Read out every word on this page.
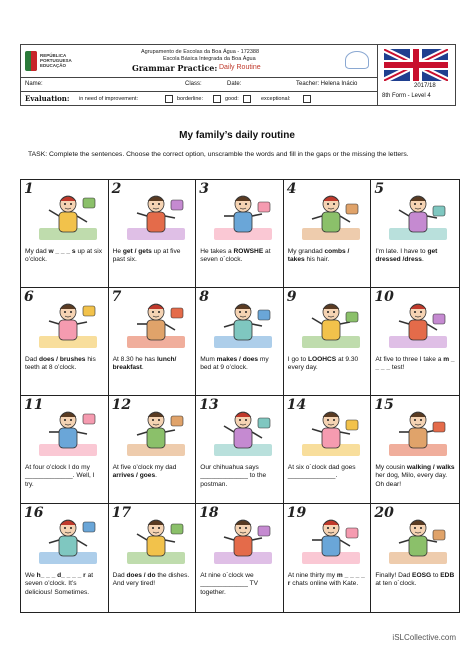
REPÚBLICA PORTUGUESA EDUCAÇÃO
Agrupamento de Escolas da Boa Água - 172388
Escola Básica Integrada da Boa Água
Grammar Practice: Daily Routine
Name:	Class:	Date:	Teacher: Helena Inácio
Evaluation: in need of improvement:	borderline:	good:	exceptional:
2017/18
8th Form - Level 4
My family’s daily routine
TASK: Complete the sentences. Choose the correct option, unscramble the words and fill in the gaps or the missing the letters.
1
My dad w _ _ _ s up at six o’clock.
2
He get / gets up at five past six.
3
He takes a ROWSHE at seven o´clock.
4
My grandad combs / takes his hair.
5
I’m late. I have to get dressed /dress.
6
Dad does / brushes his teeth at 8 o’clock.
7
At 8.30 he has lunch/ breakfast.
8
Mum makes / does my bed at 9 o’clock.
9
I go to LOOHCS at 9.30 every day.
10
At five to three I take a m _ _ _ _ test!
11
At four o’clock I do my _____________. Well, I try.
12
At five o’clock my dad arrives / goes.
13
Our chihuahua says _____________ to the postman.
14
At six o´clock dad goes _____________.
15
My cousin walking / walks her dog, Milo, every day. Oh dear!
16
We h_ _ _ d_ _ _ _ r at seven o’clock. It’s delicious! Sometimes.
17
Dad does / do the dishes. And very tired!
18
At nine o´clock we _____________ TV together.
19
At nine thirty my m _ _ _ _ r chats online with Kate.
20
Finally! Dad EOSG to EDB at ten o´clock.
iSLCollective.com
